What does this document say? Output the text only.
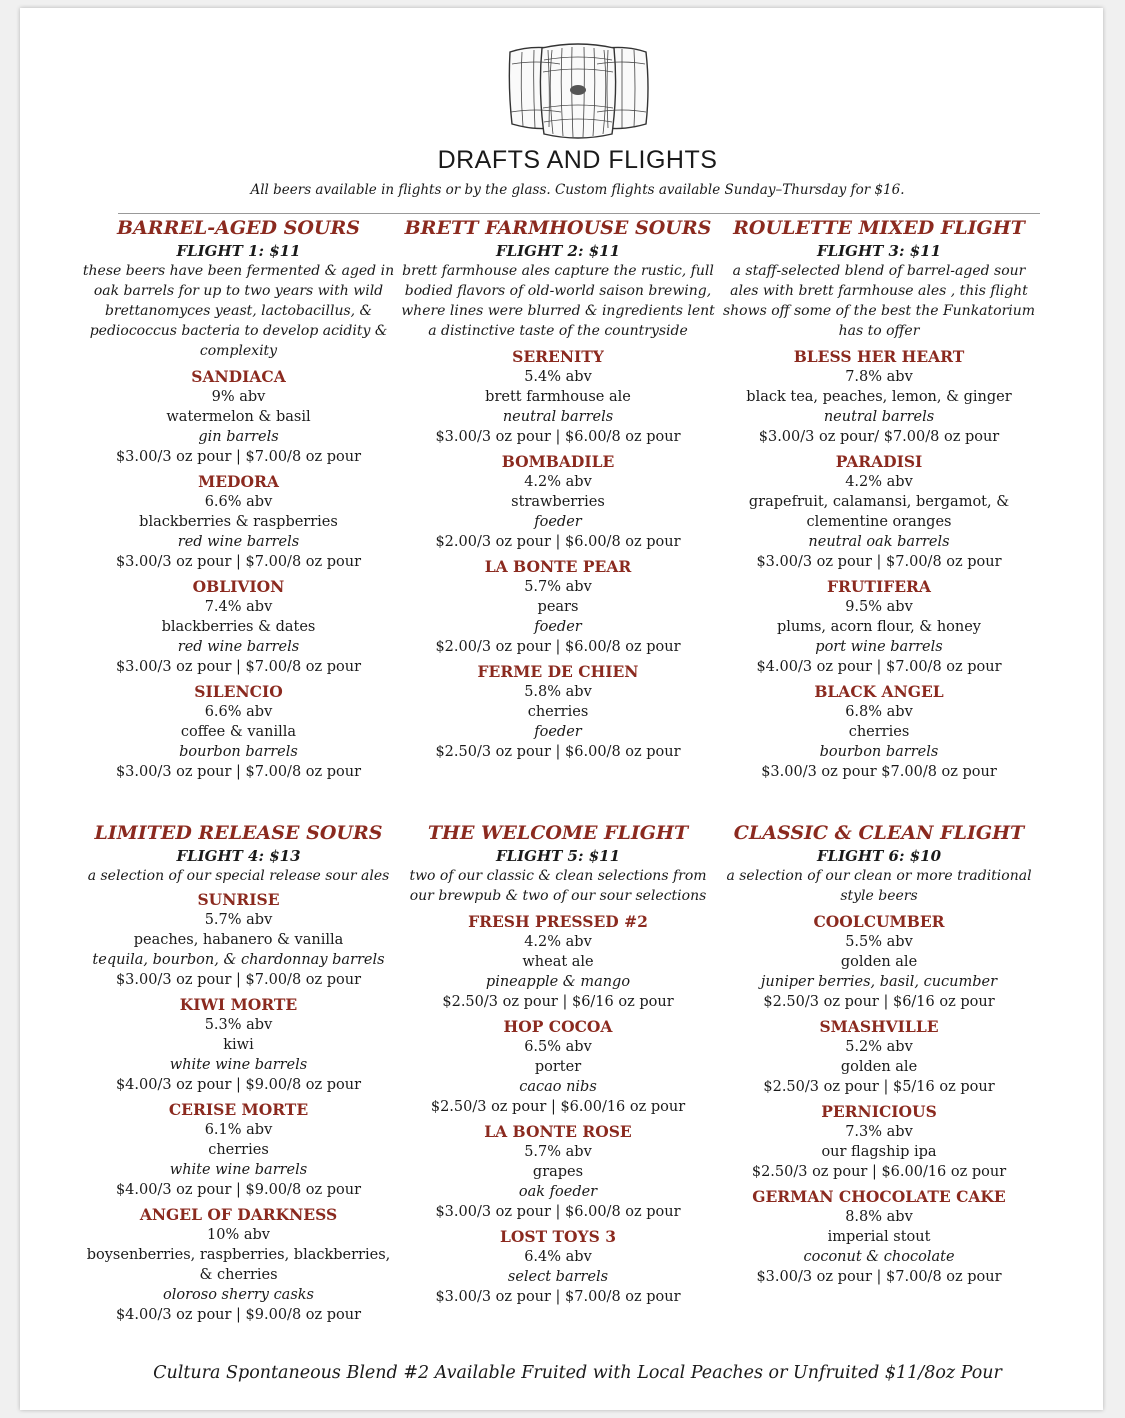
DRAFTS AND FLIGHTS
All beers available in flights or by the glass. Custom flights available Sunday–Thursday for $16.
BARREL-AGED SOURS
FLIGHT 1: $11
these beers have been fermented & aged in oak barrels for up to two years with wild brettanomyces yeast, lactobacillus, & pediococcus bacteria to develop acidity & complexity
SANDIACA
9% abv
watermelon & basil
gin barrels
$3.00/3 oz pour | $7.00/8 oz pour
MEDORA
6.6% abv
blackberries & raspberries
red wine barrels
$3.00/3 oz pour | $7.00/8 oz pour
OBLIVION
7.4% abv
blackberries & dates
red wine barrels
$3.00/3 oz pour | $7.00/8 oz pour
SILENCIO
6.6% abv
coffee & vanilla
bourbon barrels
$3.00/3 oz pour | $7.00/8 oz pour
BRETT FARMHOUSE SOURS
FLIGHT 2: $11
brett farmhouse ales capture the rustic, full bodied flavors of old-world saison brewing, where lines were blurred & ingredients lent a distinctive taste of the countryside
SERENITY
5.4% abv
brett farmhouse ale
neutral barrels
$3.00/3 oz pour | $6.00/8 oz pour
BOMBADILE
4.2% abv
strawberries
foeder
$2.00/3 oz pour | $6.00/8 oz pour
LA BONTE PEAR
5.7% abv
pears
foeder
$2.00/3 oz pour | $6.00/8 oz pour
FERME DE CHIEN
5.8% abv
cherries
foeder
$2.50/3 oz pour | $6.00/8 oz pour
ROULETTE MIXED FLIGHT
FLIGHT 3: $11
a staff-selected blend of barrel-aged sour ales with brett farmhouse ales , this flight shows off some of the best the Funkatorium has to offer
BLESS HER HEART
7.8% abv
black tea, peaches, lemon, & ginger
neutral barrels
$3.00/3 oz pour/ $7.00/8 oz pour
PARADISI
4.2% abv
grapefruit, calamansi, bergamot, & clementine oranges
neutral oak barrels
$3.00/3 oz pour | $7.00/8 oz pour
FRUTIFERA
9.5% abv
plums, acorn flour, & honey
port wine barrels
$4.00/3 oz pour | $7.00/8 oz pour
BLACK ANGEL
6.8% abv
cherries
bourbon barrels
$3.00/3 oz pour $7.00/8 oz pour
LIMITED RELEASE SOURS
FLIGHT 4: $13
a selection of our special release sour ales
SUNRISE
5.7% abv
peaches, habanero & vanilla
tequila, bourbon, & chardonnay barrels
$3.00/3 oz pour | $7.00/8 oz pour
KIWI MORTE
5.3% abv
kiwi
white wine barrels
$4.00/3 oz pour | $9.00/8 oz pour
CERISE MORTE
6.1% abv
cherries
white wine barrels
$4.00/3 oz pour | $9.00/8 oz pour
ANGEL OF DARKNESS
10% abv
boysenberries, raspberries, blackberries, & cherries
oloroso sherry casks
$4.00/3 oz pour | $9.00/8 oz pour
THE WELCOME FLIGHT
FLIGHT 5: $11
two of our classic & clean selections from our brewpub & two of our sour selections
FRESH PRESSED #2
4.2% abv
wheat ale
pineapple & mango
$2.50/3 oz pour | $6/16 oz pour
HOP COCOA
6.5% abv
porter
cacao nibs
$2.50/3 oz pour | $6.00/16 oz pour
LA BONTE ROSE
5.7% abv
grapes
oak foeder
$3.00/3 oz pour | $6.00/8 oz pour
LOST TOYS 3
6.4% abv
select barrels
$3.00/3 oz pour | $7.00/8 oz pour
CLASSIC & CLEAN FLIGHT
FLIGHT 6: $10
a selection of our clean or more traditional style beers
COOLCUMBER
5.5% abv
golden ale
juniper berries, basil, cucumber
$2.50/3 oz pour | $6/16 oz pour
SMASHVILLE
5.2% abv
golden ale
$2.50/3 oz pour | $5/16 oz pour
PERNICIOUS
7.3% abv
our flagship ipa
$2.50/3 oz pour | $6.00/16 oz pour
GERMAN CHOCOLATE CAKE
8.8% abv
imperial stout
coconut & chocolate
$3.00/3 oz pour | $7.00/8 oz pour
Cultura Spontaneous Blend #2 Available Fruited with Local Peaches or Unfruited $11/8oz Pour
